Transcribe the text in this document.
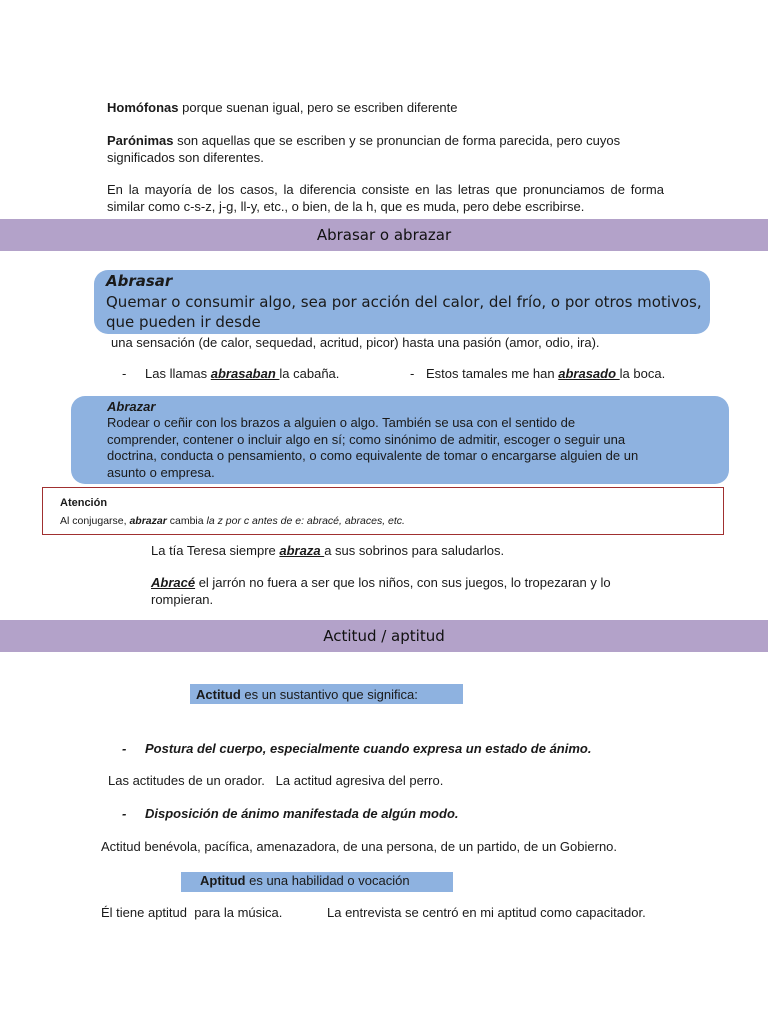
Homófonas porque suenan igual, pero se escriben diferente
Parónimas son aquellas que se escriben y se pronuncian de forma parecida, pero cuyos significados son diferentes.
En la mayoría de los casos, la diferencia consiste en las letras que pronunciamos de forma similar como c-s-z, j-g, ll-y, etc., o bien, de la h, que es muda, pero debe escribirse.
Abrasar o abrazar
Abrasar
Quemar o consumir algo, sea por acción del calor, del frío, o por otros motivos, que pueden ir desde
una sensación (de calor, sequedad, acritud, picor) hasta una pasión (amor, odio, ira).
- Las llamas abrasaban la cabaña.	- Estos tamales me han abrasado la boca.
Abrazar
Rodear o ceñir con los brazos a alguien o algo. También se usa con el sentido de comprender, contener o incluir algo en sí; como sinónimo de admitir, escoger o seguir una doctrina, conducta o pensamiento, o como equivalente de tomar o encargarse alguien de un asunto o empresa.
Atención
Al conjugarse, abrazar cambia la z por c antes de e: abracé, abraces, etc.
La tía Teresa siempre abraza a sus sobrinos para saludarlos.
Abracé el jarrón no fuera a ser que los niños, con sus juegos, lo tropezaran y lo rompieran.
Actitud / aptitud
Actitud es un sustantivo que significa:
- Postura del cuerpo, especialmente cuando expresa un estado de ánimo.
Las actitudes de un orador.   La actitud agresiva del perro.
- Disposición de ánimo manifestada de algún modo.
Actitud benévola, pacífica, amenazadora, de una persona, de un partido, de un Gobierno.
Aptitud es una habilidad o vocación
Él tiene aptitud  para la música.	La entrevista se centró en mi aptitud como capacitador.
